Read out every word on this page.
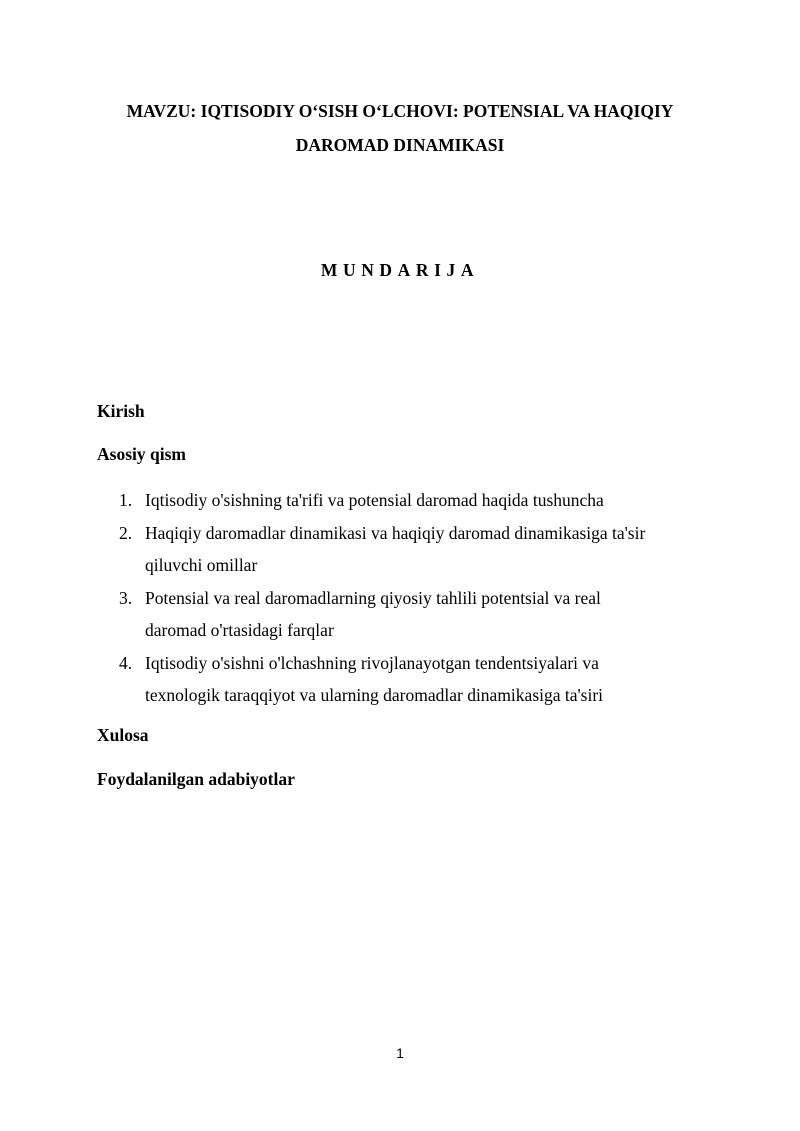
MAVZU: IQTISODIY O‘SISH O‘LCHOVI: POTENSIAL VA HAQIQIY
DAROMAD DINAMIKASI
MUNDARIJA
Kirish
Asosiy qism
1. Iqtisodiy o'sishning ta'rifi va potensial daromad haqida tushuncha
2. Haqiqiy daromadlar dinamikasi va haqiqiy daromad dinamikasiga ta'sir
qiluvchi omillar
3. Potensial va real daromadlarning qiyosiy tahlili potentsial va real
daromad o'rtasidagi farqlar
4. Iqtisodiy o'sishni o'lchashning rivojlanayotgan tendentsiyalari va
texnologik taraqqiyot va ularning daromadlar dinamikasiga ta'siri
Xulosa
Foydalanilgan adabiyotlar
1
